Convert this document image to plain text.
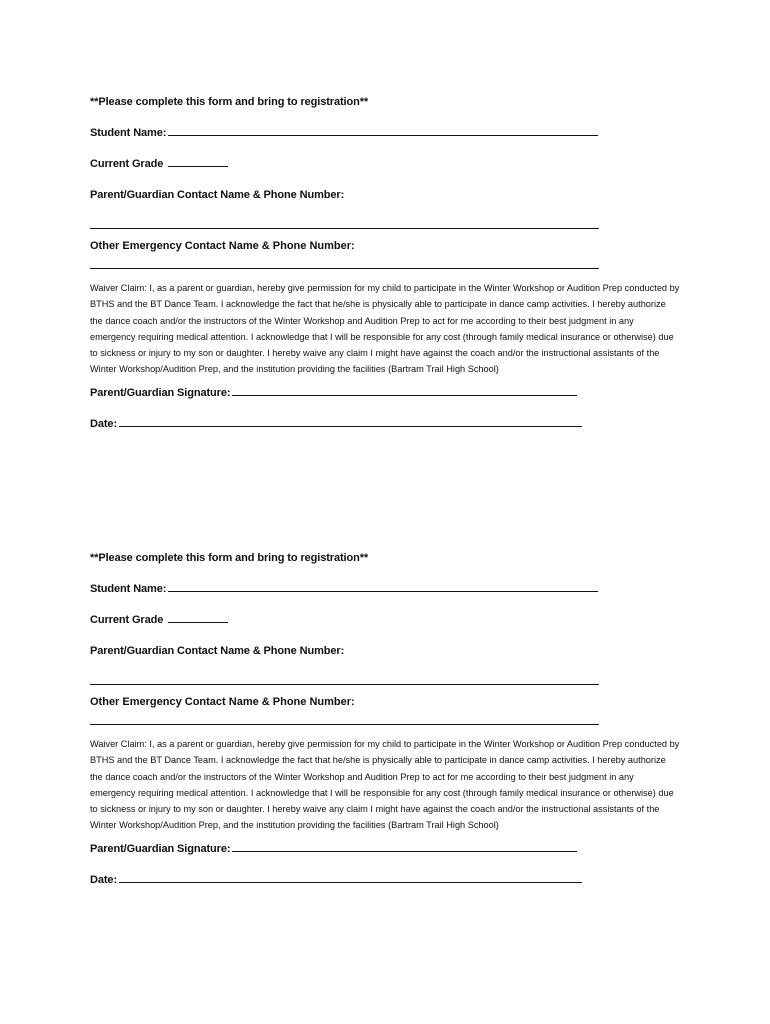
**Please complete this form and bring to registration**
Student Name:
Current Grade
Parent/Guardian Contact Name & Phone Number:
Other Emergency Contact Name & Phone Number:
Waiver Claim: I, as a parent or guardian, hereby give permission for my child to participate in the Winter Workshop or Audition Prep conducted by BTHS and the BT Dance Team. I acknowledge the fact that he/she is physically able to participate in dance camp activities. I hereby authorize the dance coach and/or the instructors of the Winter Workshop and Audition Prep to act for me according to their best judgment in any emergency requiring medical attention. I acknowledge that I will be responsible for any cost (through family medical insurance or otherwise) due to sickness or injury to my son or daughter. I hereby waive any claim I might have against the coach and/or the instructional assistants of the Winter Workshop/Audition Prep, and the institution providing the facilities (Bartram Trail High School)
Parent/Guardian Signature:
Date:
**Please complete this form and bring to registration**
Student Name:
Current Grade
Parent/Guardian Contact Name & Phone Number:
Other Emergency Contact Name & Phone Number:
Waiver Claim: I, as a parent or guardian, hereby give permission for my child to participate in the Winter Workshop or Audition Prep conducted by BTHS and the BT Dance Team. I acknowledge the fact that he/she is physically able to participate in dance camp activities. I hereby authorize the dance coach and/or the instructors of the Winter Workshop and Audition Prep to act for me according to their best judgment in any emergency requiring medical attention. I acknowledge that I will be responsible for any cost (through family medical insurance or otherwise) due to sickness or injury to my son or daughter. I hereby waive any claim I might have against the coach and/or the instructional assistants of the Winter Workshop/Audition Prep, and the institution providing the facilities (Bartram Trail High School)
Parent/Guardian Signature:
Date:
